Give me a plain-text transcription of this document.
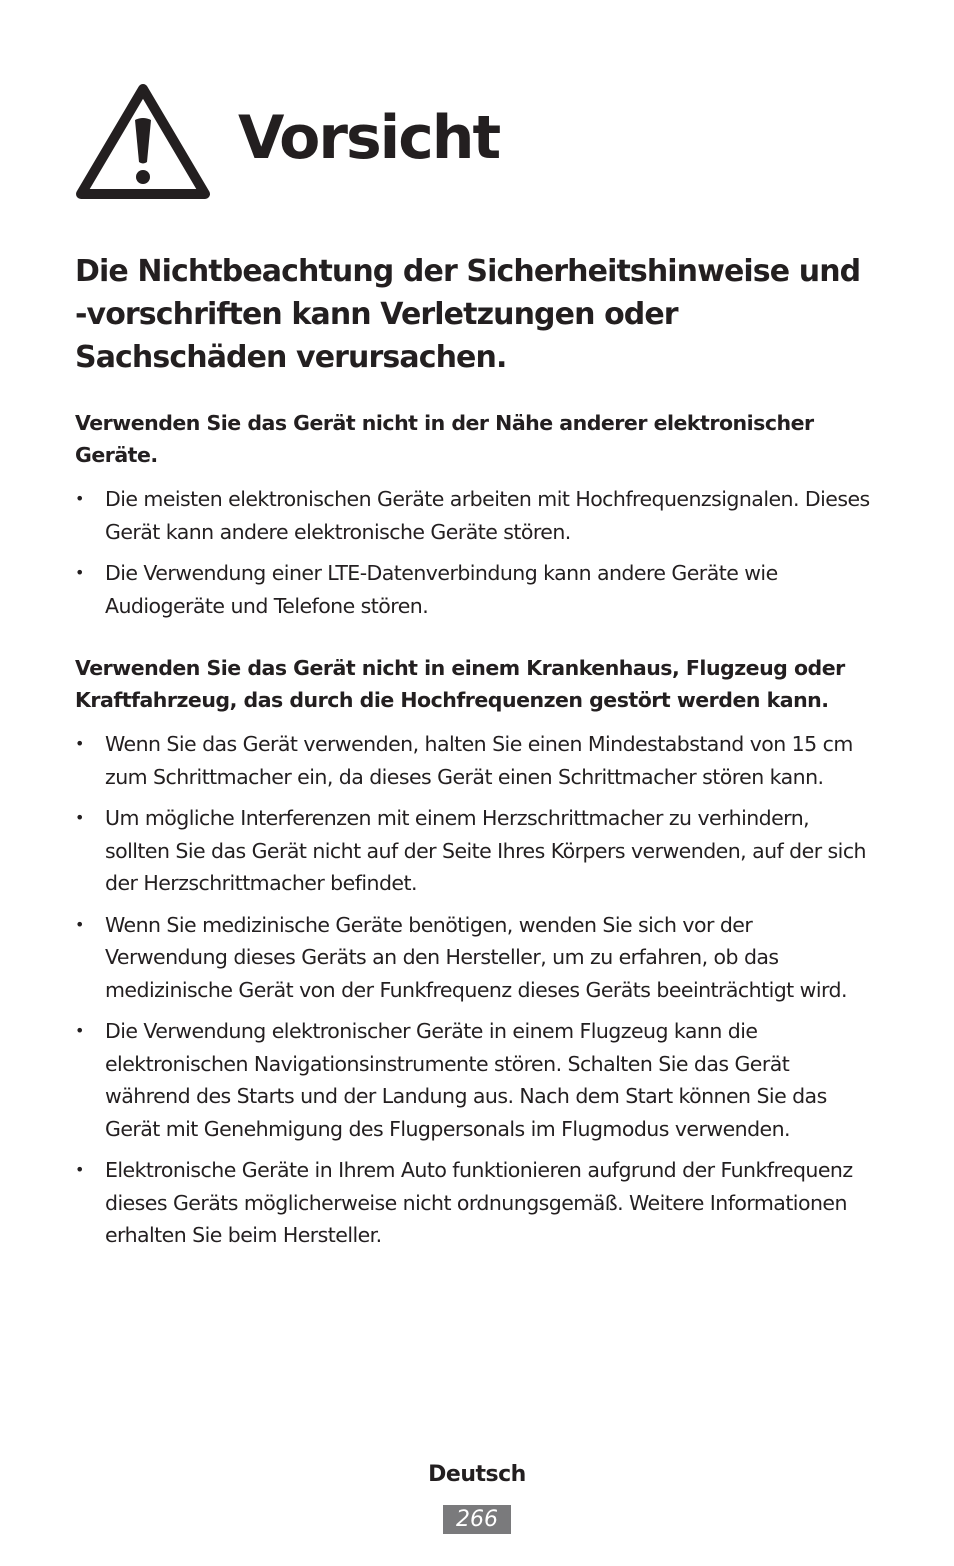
Vorsicht

Die Nichtbeachtung der Sicherheitshinweise und -vorschriften kann Verletzungen oder Sachschäden verursachen.

Verwenden Sie das Gerät nicht in der Nähe anderer elektronischer Geräte.

• Die meisten elektronischen Geräte arbeiten mit Hochfrequenzsignalen. Dieses Gerät kann andere elektronische Geräte stören.
• Die Verwendung einer LTE-Datenverbindung kann andere Geräte wie Audiogeräte und Telefone stören.

Verwenden Sie das Gerät nicht in einem Krankenhaus, Flugzeug oder Kraftfahrzeug, das durch die Hochfrequenzen gestört werden kann.

• Wenn Sie das Gerät verwenden, halten Sie einen Mindestabstand von 15 cm zum Schrittmacher ein, da dieses Gerät einen Schrittmacher stören kann.
• Um mögliche Interferenzen mit einem Herzschrittmacher zu verhindern, sollten Sie das Gerät nicht auf der Seite Ihres Körpers verwenden, auf der sich der Herzschrittmacher befindet.
• Wenn Sie medizinische Geräte benötigen, wenden Sie sich vor der Verwendung dieses Geräts an den Hersteller, um zu erfahren, ob das medizinische Gerät von der Funkfrequenz dieses Geräts beeinträchtigt wird.
• Die Verwendung elektronischer Geräte in einem Flugzeug kann die elektronischen Navigationsinstrumente stören. Schalten Sie das Gerät während des Starts und der Landung aus. Nach dem Start können Sie das Gerät mit Genehmigung des Flugpersonals im Flugmodus verwenden.
• Elektronische Geräte in Ihrem Auto funktionieren aufgrund der Funkfrequenz dieses Geräts möglicherweise nicht ordnungsgemäß. Weitere Informationen erhalten Sie beim Hersteller.
Deutsch
266
